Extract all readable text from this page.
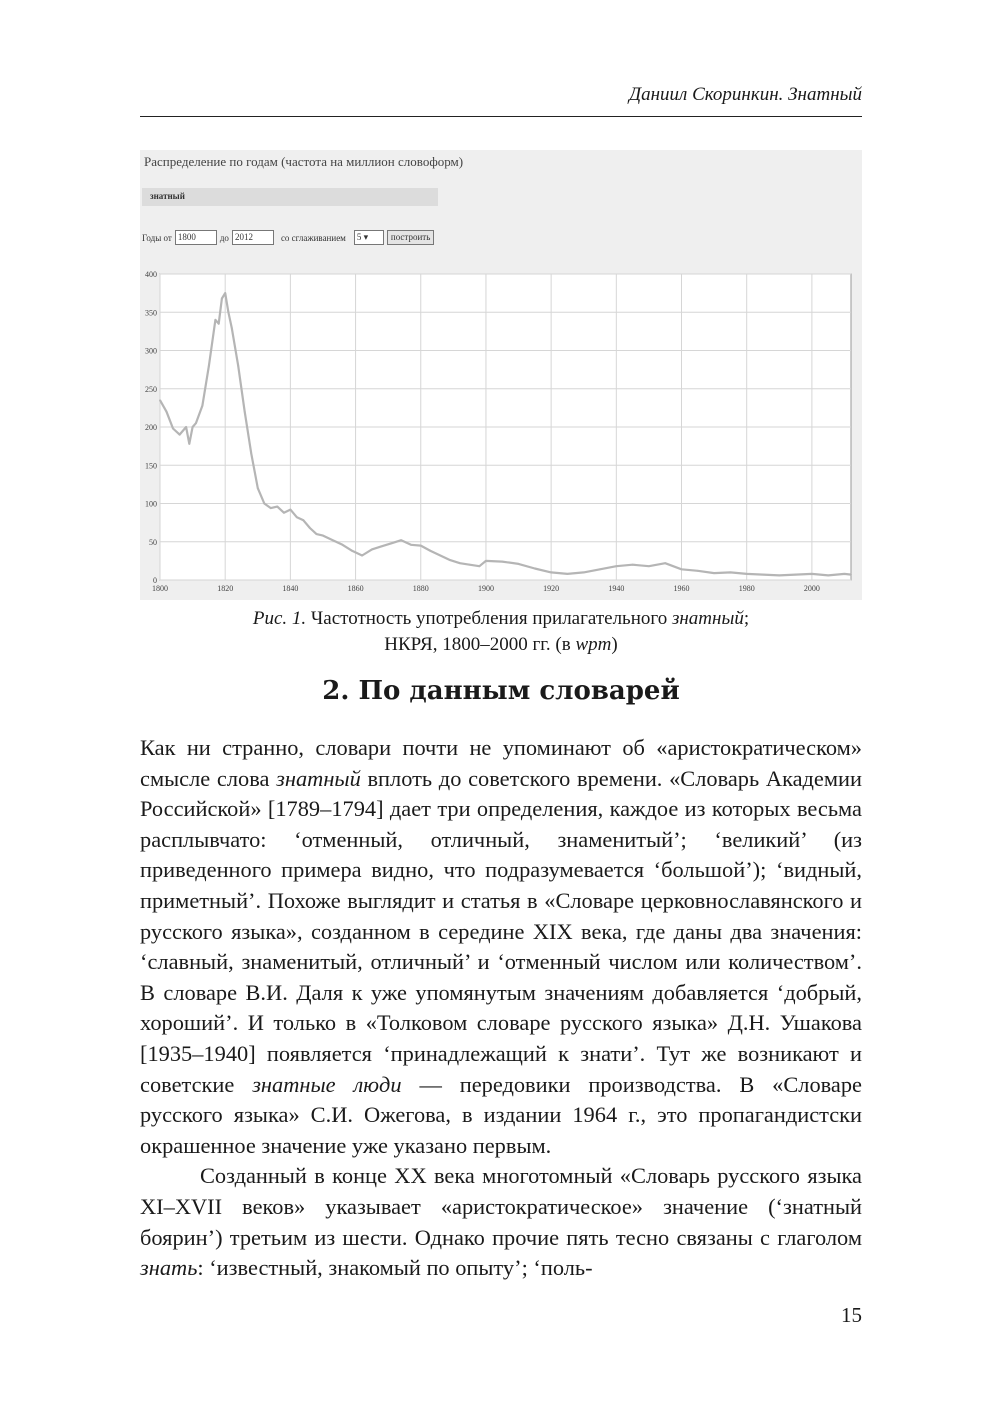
Даниил Скоринкин. Знатный
Распределение по годам (частота на миллион словоформ)
знатный
Годы от 1800	до 2012	со сглаживанием	5 ▾	построить
1800	1820	1840	1860	1880	1900	1920	1940	1960	1980	2000
0
50
100
150
200
250
300
350
400
Рис. 1. Частотность употребления прилагательного знатный;
НКРЯ, 1800–2000 гг. (в wpm)
2. По данным словарей

Как ни странно, словари почти не упоминают об «аристократическом» смысле слова знатный вплоть до советского времени. «Словарь Академии Российской» [1789–1794] дает три определения, каждое из которых весьма расплывчато: ‘отменный, отличный, знаменитый’; ‘великий’ (из приведенного примера видно, что подразумевается ‘большой’); ‘видный, приметный’. Похоже выглядит и статья в «Словаре церковнославянского и русского языка», созданном в середине XIX века, где даны два значения: ‘славный, знаменитый, отличный’ и ‘отменный числом или количеством’. В словаре В.И. Даля к уже упомянутым значениям добавляется ‘добрый, хороший’. И только в «Толковом словаре русского языка» Д.Н. Ушакова [1935–1940] появляется ‘принадлежащий к знати’. Тут же возникают и советские знатные люди — передовики производства. В «Словаре русского языка» С.И. Ожегова, в издании 1964 г., это пропагандистски окрашенное значение уже указано первым.

Созданный в конце XX века многотомный «Словарь русского языка XI–XVII веков» указывает «аристократическое» значение (‘знатный боярин’) третьим из шести. Однако прочие пять тесно связаны с глаголом знать: ‘известный, знакомый по опыту’; ‘поль-

15
